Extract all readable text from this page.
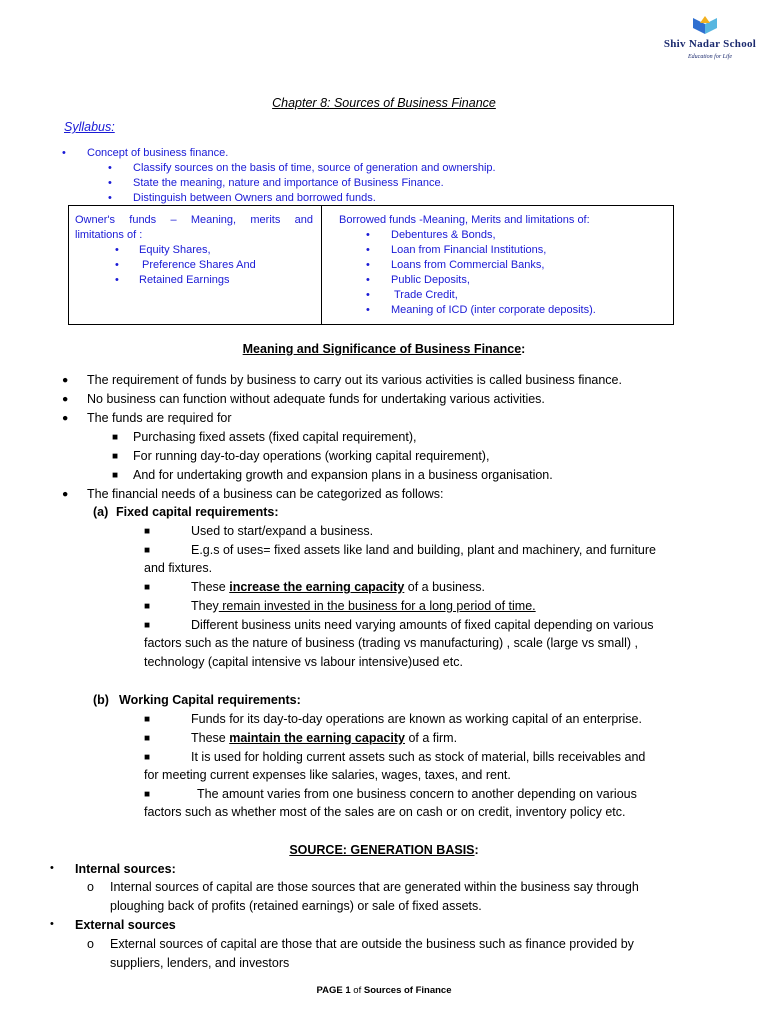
Shiv Nadar School
Education for Life
Chapter 8: Sources of Business Finance
Syllabus:
• Concept of business finance.
• Classify sources on the basis of time, source of generation and ownership.
• State the meaning, nature and importance of Business Finance.
• Distinguish between Owners and borrowed funds.
Owner's funds – Meaning, merits and
limitations of :
• Equity Shares,
• Preference Shares And
• Retained Earnings
Borrowed funds -Meaning, Merits and limitations of:
• Debentures & Bonds,
• Loan from Financial Institutions,
• Loans from Commercial Banks,
• Public Deposits,
• Trade Credit,
• Meaning of ICD (inter corporate deposits).
Meaning and Significance of Business Finance:
● The requirement of funds by business to carry out its various activities is called business finance.
● No business can function without adequate funds for undertaking various activities.
● The funds are required for
■ Purchasing fixed assets (fixed capital requirement),
■ For running day-to-day operations (working capital requirement),
■ And for undertaking growth and expansion plans in a business organisation.
● The financial needs of a business can be categorized as follows:
(a) Fixed capital requirements:
■	Used to start/expand a business.
■	E.g.s of uses= fixed assets like land and building, plant and machinery, and furniture
and fixtures.
■	These increase the earning capacity of a business.
■	They remain invested in the business for a long period of time.
■	Different business units need varying amounts of fixed capital depending on various
factors such as the nature of business (trading vs manufacturing) , scale (large vs small) ,
technology (capital intensive vs labour intensive)used etc.
(b) Working Capital requirements:
■	Funds for its day-to-day operations are known as working capital of an enterprise.
■	These maintain the earning capacity of a firm.
■	It is used for holding current assets such as stock of material, bills receivables and
for meeting current expenses like salaries, wages, taxes, and rent.
■	The amount varies from one business concern to another depending on various
factors such as whether most of the sales are on cash or on credit, inventory policy etc.
SOURCE: GENERATION BASIS:
• Internal sources:
o Internal sources of capital are those sources that are generated within the business say through
ploughing back of profits (retained earnings) or sale of fixed assets.
• External sources
o External sources of capital are those that are outside the business such as finance provided by
suppliers, lenders, and investors
PAGE 1 of Sources of Finance
